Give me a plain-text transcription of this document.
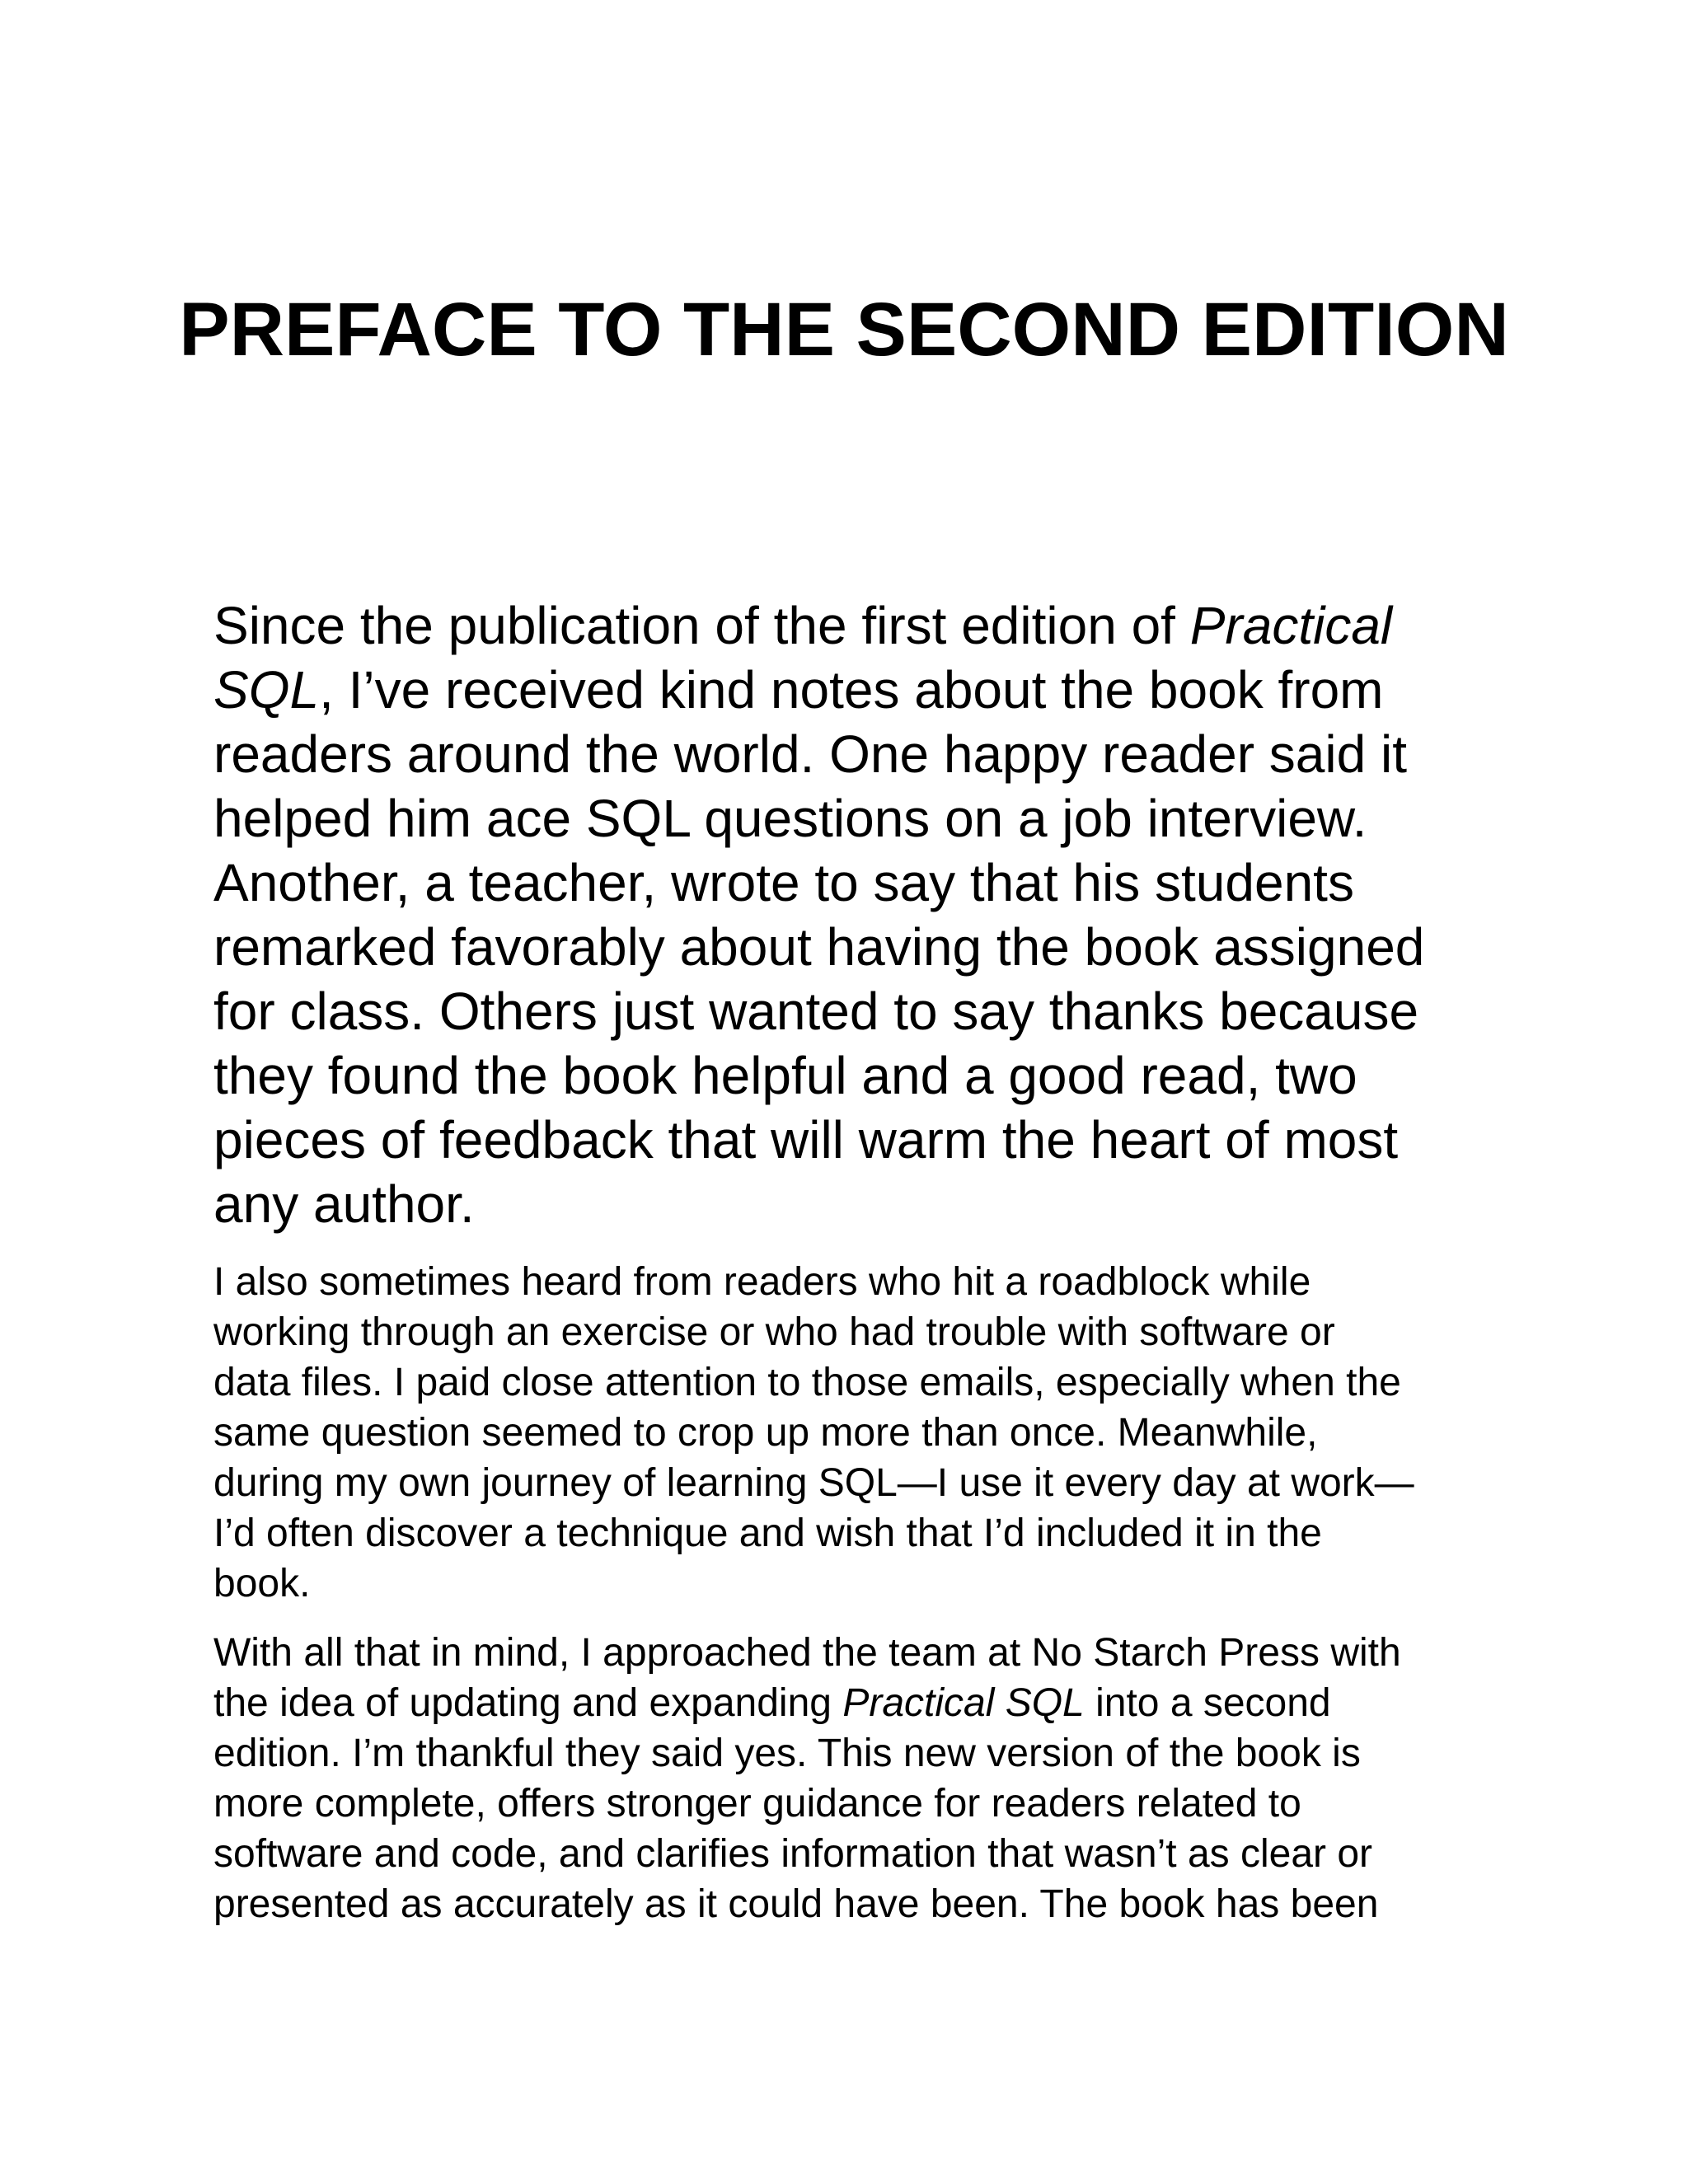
PREFACE TO THE SECOND EDITION

Since the publication of the first edition of Practical
SQL, I’ve received kind notes about the book from
readers around the world. One happy reader said it
helped him ace SQL questions on a job interview.
Another, a teacher, wrote to say that his students
remarked favorably about having the book assigned
for class. Others just wanted to say thanks because
they found the book helpful and a good read, two
pieces of feedback that will warm the heart of most
any author.

I also sometimes heard from readers who hit a roadblock while
working through an exercise or who had trouble with software or
data files. I paid close attention to those emails, especially when the
same question seemed to crop up more than once. Meanwhile,
during my own journey of learning SQL—I use it every day at work—
I’d often discover a technique and wish that I’d included it in the
book.

With all that in mind, I approached the team at No Starch Press with
the idea of updating and expanding Practical SQL into a second
edition. I’m thankful they said yes. This new version of the book is
more complete, offers stronger guidance for readers related to
software and code, and clarifies information that wasn’t as clear or
presented as accurately as it could have been. The book has been
